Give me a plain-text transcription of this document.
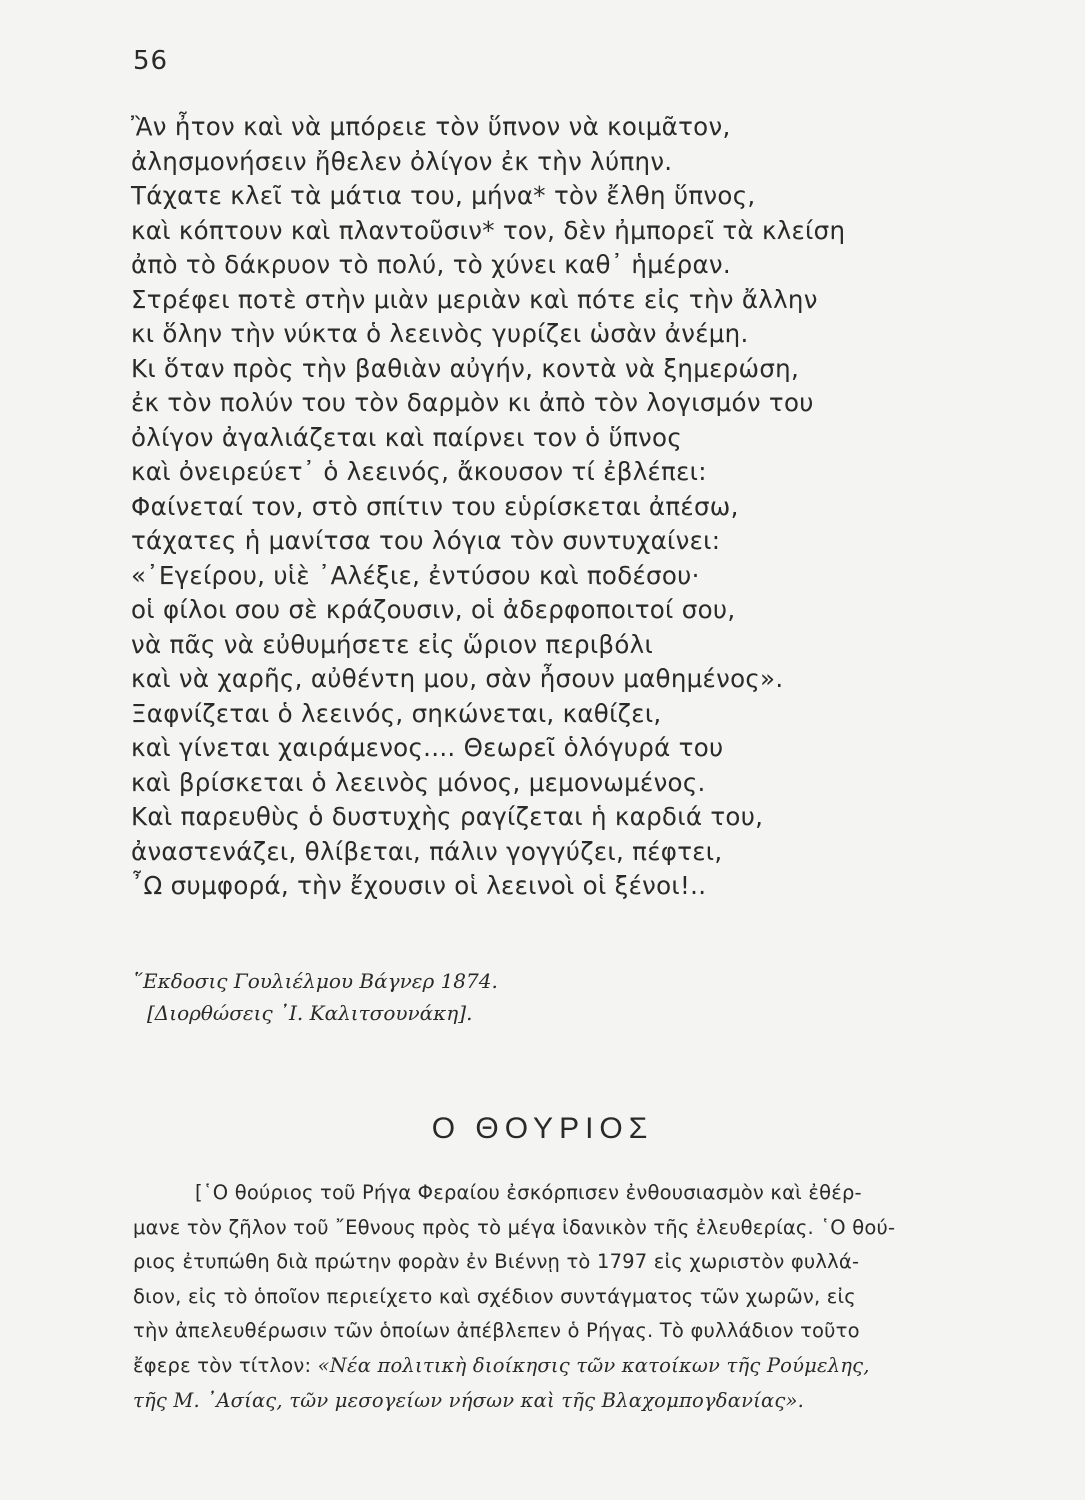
56
Ἂν ἦτον καὶ νὰ μπόρειε τὸν ὕπνον νὰ κοιμᾶτον,
ἀλησμονήσειν ἤθελεν ὀλίγον ἐκ τὴν λύπην.
Τάχατε κλεῖ τὰ μάτια του, μήνα* τὸν ἔλθη ὕπνος,
καὶ κόπτουν καὶ πλαντοῦσιν* τον, δὲν ἠμπορεῖ τὰ κλείση
ἀπὸ τὸ δάκρυον τὸ πολύ, τὸ χύνει καθ᾽ ἡμέραν.
Στρέφει ποτὲ στὴν μιὰν μεριὰν καὶ πότε εἰς τὴν ἄλλην
κι ὅλην τὴν νύκτα ὁ λεεινὸς γυρίζει ὡσὰν ἀνέμη.
Κι ὅταν πρὸς τὴν βαθιὰν αὐγήν, κοντὰ νὰ ξημερώση,
ἐκ τὸν πολύν του τὸν δαρμὸν κι ἀπὸ τὸν λογισμόν του
ὀλίγον ἀγαλιάζεται καὶ παίρνει τον ὁ ὕπνος
καὶ ὀνειρεύετ᾽ ὁ λεεινός, ἄκουσον τί ἐβλέπει:
Φαίνεταί τον, στὸ σπίτιν του εὑρίσκεται ἀπέσω,
τάχατες ἡ μανίτσα του λόγια τὸν συντυχαίνει:
«᾿Εγείρου, υἱὲ ᾿Αλέξιε, ἐντύσου καὶ ποδέσου·
οἱ φίλοι σου σὲ κράζουσιν, οἱ ἀδερφοποιτοί σου,
νὰ πᾶς νὰ εὐθυμήσετε εἰς ὥριον περιβόλι
καὶ νὰ χαρῆς, αὐθέντη μου, σὰν ἦσουν μαθημένος».
Ξαφνίζεται ὁ λεεινός, σηκώνεται, καθίζει,
καὶ γίνεται χαιράμενος.... Θεωρεῖ ὁλόγυρά του
καὶ βρίσκεται ὁ λεεινὸς μόνος, μεμονωμένος.
Καὶ παρευθὺς ὁ δυστυχὴς ραγίζεται ἡ καρδιά του,
ἀναστενάζει, θλίβεται, πάλιν γογγύζει, πέφτει,
῏Ω συμφορά, τὴν ἔχουσιν οἱ λεεινοὶ οἱ ξένοι!..
῞Εκδοσις Γουλιέλμου Βάγνερ 1874.
[Διορθώσεις ᾿Ι. Καλιτσουνάκη].
Ο ΘΟΥΡΙΟΣ
[῾Ο θούριος τοῦ Ρήγα Φεραίου ἐσκόρπισεν ἐνθουσιασμὸν καὶ ἐθέρ-
μανε τὸν ζῆλον τοῦ ῎Εθνους πρὸς τὸ μέγα ἰδανικὸν τῆς ἐλευθερίας. ῾Ο θού-
ριος ἐτυπώθη διὰ πρώτην φορὰν ἐν Βιέννῃ τὸ 1797 εἰς χωριστὸν φυλλά-
διον, εἰς τὸ ὁποῖον περιείχετο καὶ σχέδιον συντάγματος τῶν χωρῶν, εἰς
τὴν ἀπελευθέρωσιν τῶν ὁποίων ἀπέβλεπεν ὁ Ρήγας. Τὸ φυλλάδιον τοῦτο
ἔφερε τὸν τίτλον: «Νέα πολιτικὴ διοίκησις τῶν κατοίκων τῆς Ρούμελης,
τῆς Μ. ᾿Ασίας, τῶν μεσογείων νήσων καὶ τῆς Βλαχομπογδανίας».
